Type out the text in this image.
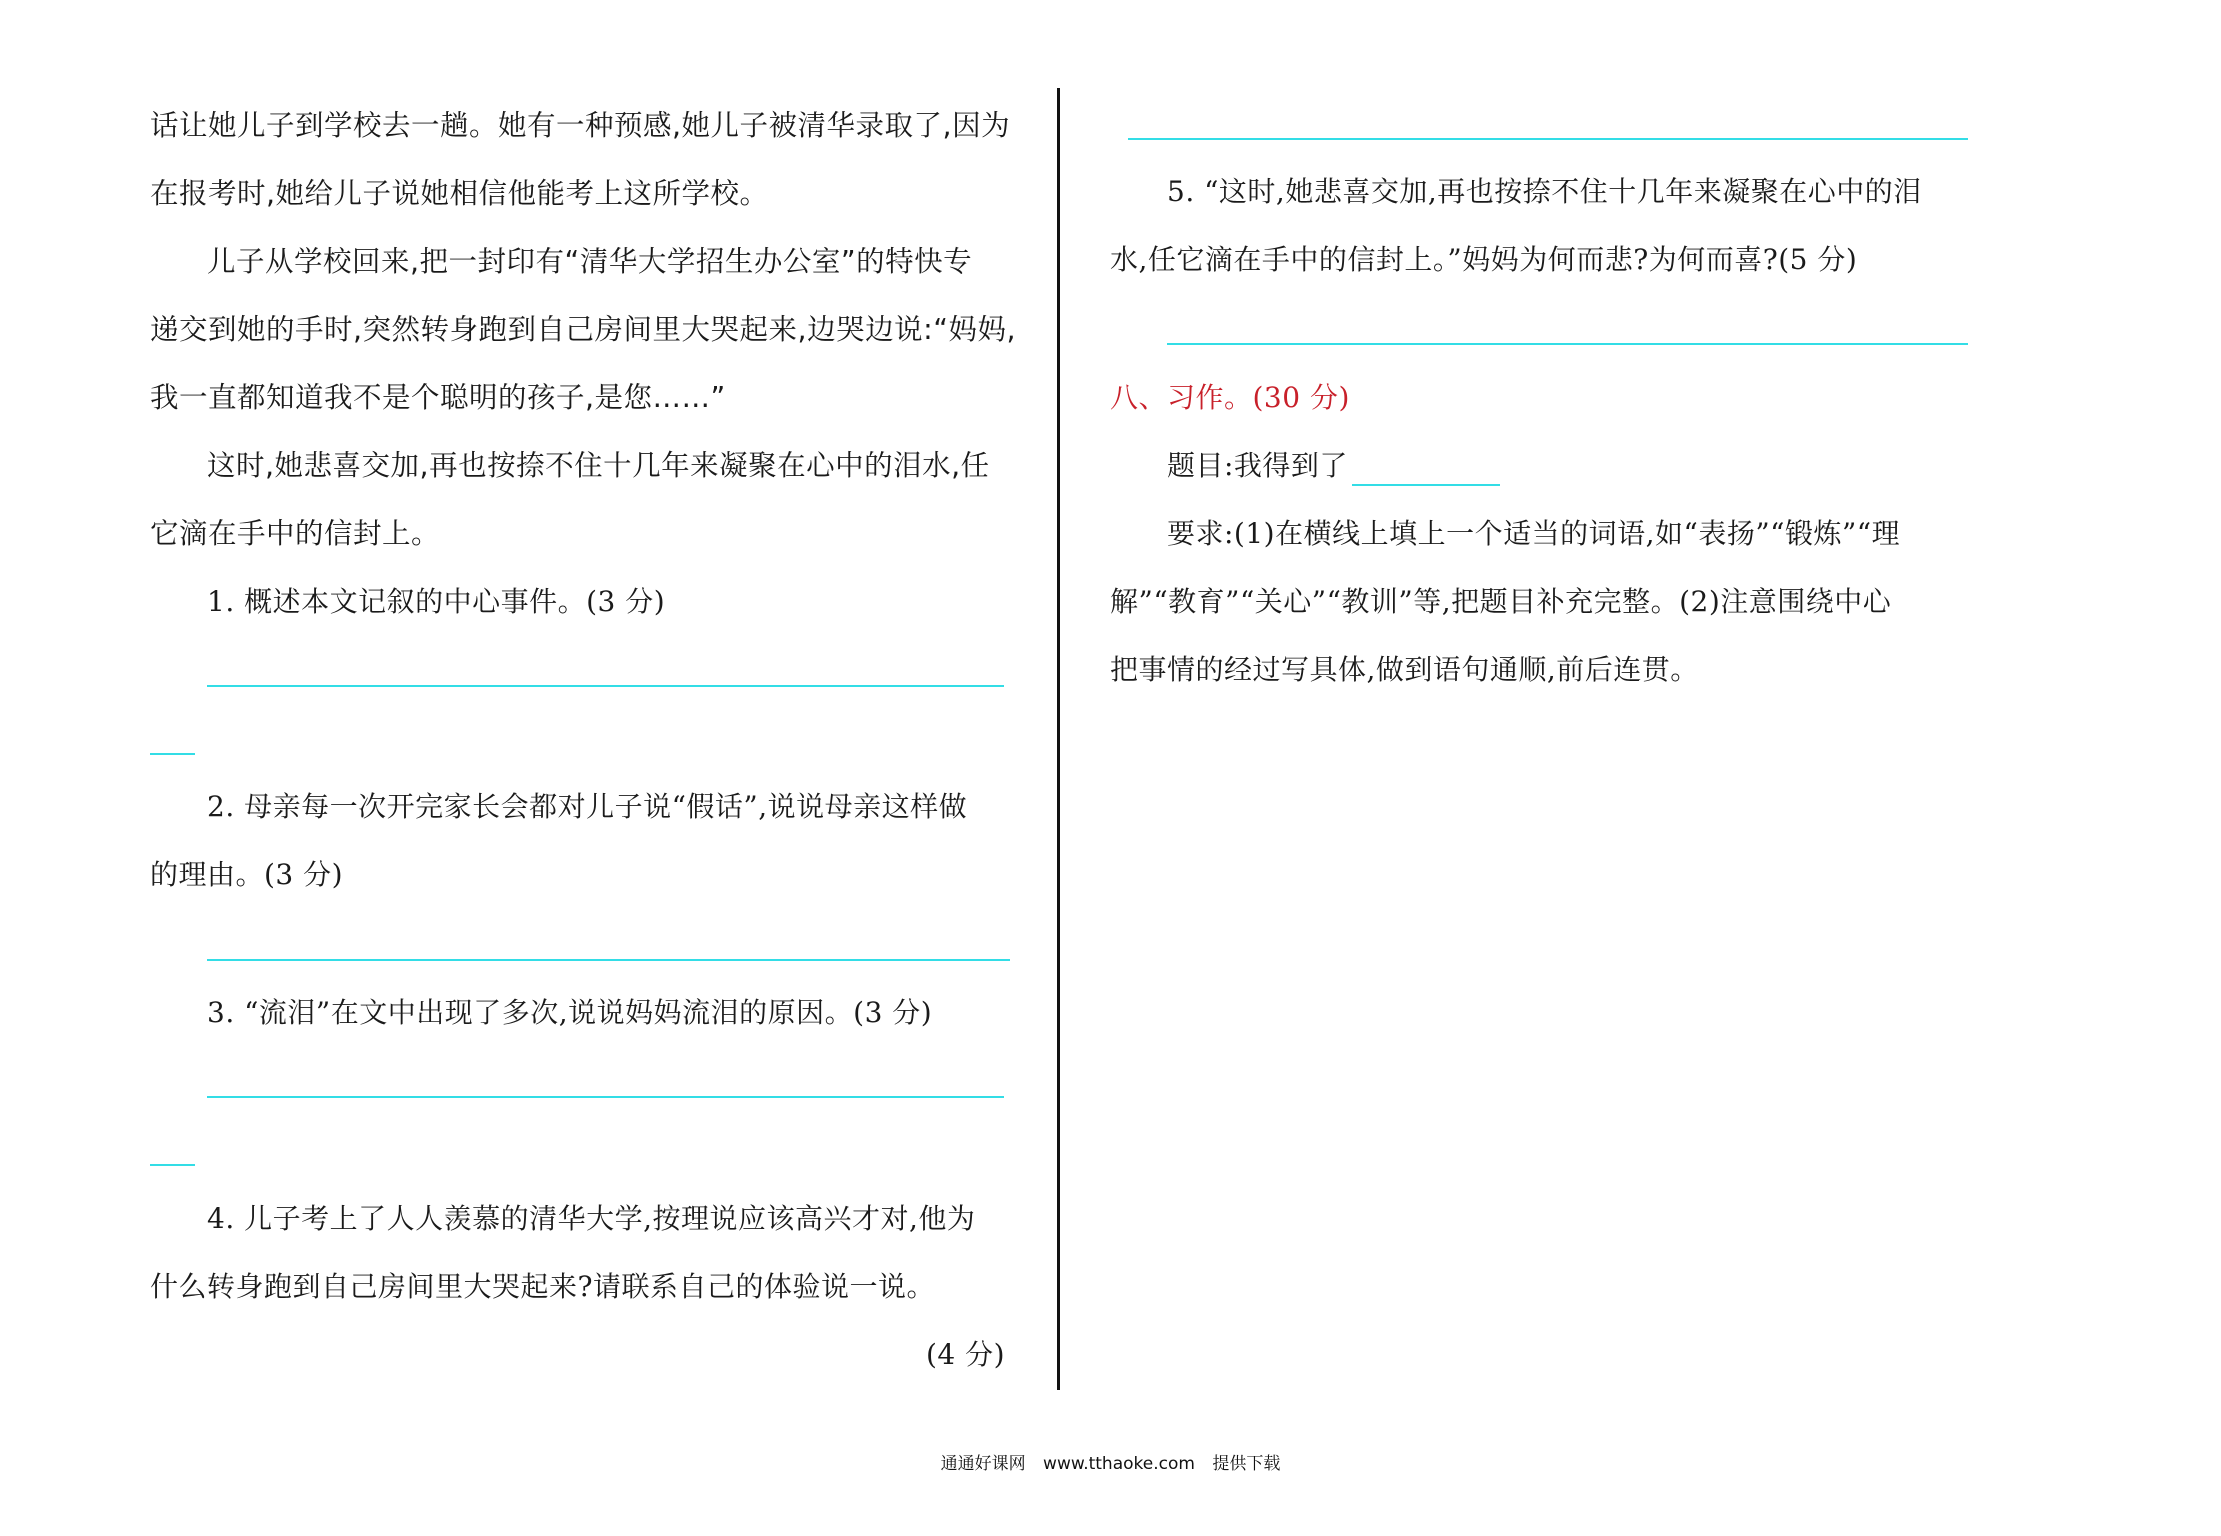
话让她儿子到学校去一趟。她有一种预感,她儿子被清华录取了,因为
在报考时,她给儿子说她相信他能考上这所学校。
儿子从学校回来,把一封印有“清华大学招生办公室”的特快专
递交到她的手时,突然转身跑到自己房间里大哭起来,边哭边说:“妈妈,
我一直都知道我不是个聪明的孩子,是您……”
这时,她悲喜交加,再也按捺不住十几年来凝聚在心中的泪水,任
它滴在手中的信封上。
1. 概述本文记叙的中心事件。(3 分)
2. 母亲每一次开完家长会都对儿子说“假话”,说说母亲这样做
的理由。(3 分)
3. “流泪”在文中出现了多次,说说妈妈流泪的原因。(3 分)
4. 儿子考上了人人羡慕的清华大学,按理说应该高兴才对,他为
什么转身跑到自己房间里大哭起来?请联系自己的体验说一说。
(4 分)
5. “这时,她悲喜交加,再也按捺不住十几年来凝聚在心中的泪
水,任它滴在手中的信封上。”妈妈为何而悲?为何而喜?(5 分)
八、习作。(30 分)
题目:我得到了
要求:(1)在横线上填上一个适当的词语,如“表扬”“锻炼”“理
解”“教育”“关心”“教训”等,把题目补充完整。(2)注意围绕中心
把事情的经过写具体,做到语句通顺,前后连贯。
通通好课网 www.tthaoke.com 提供下载
